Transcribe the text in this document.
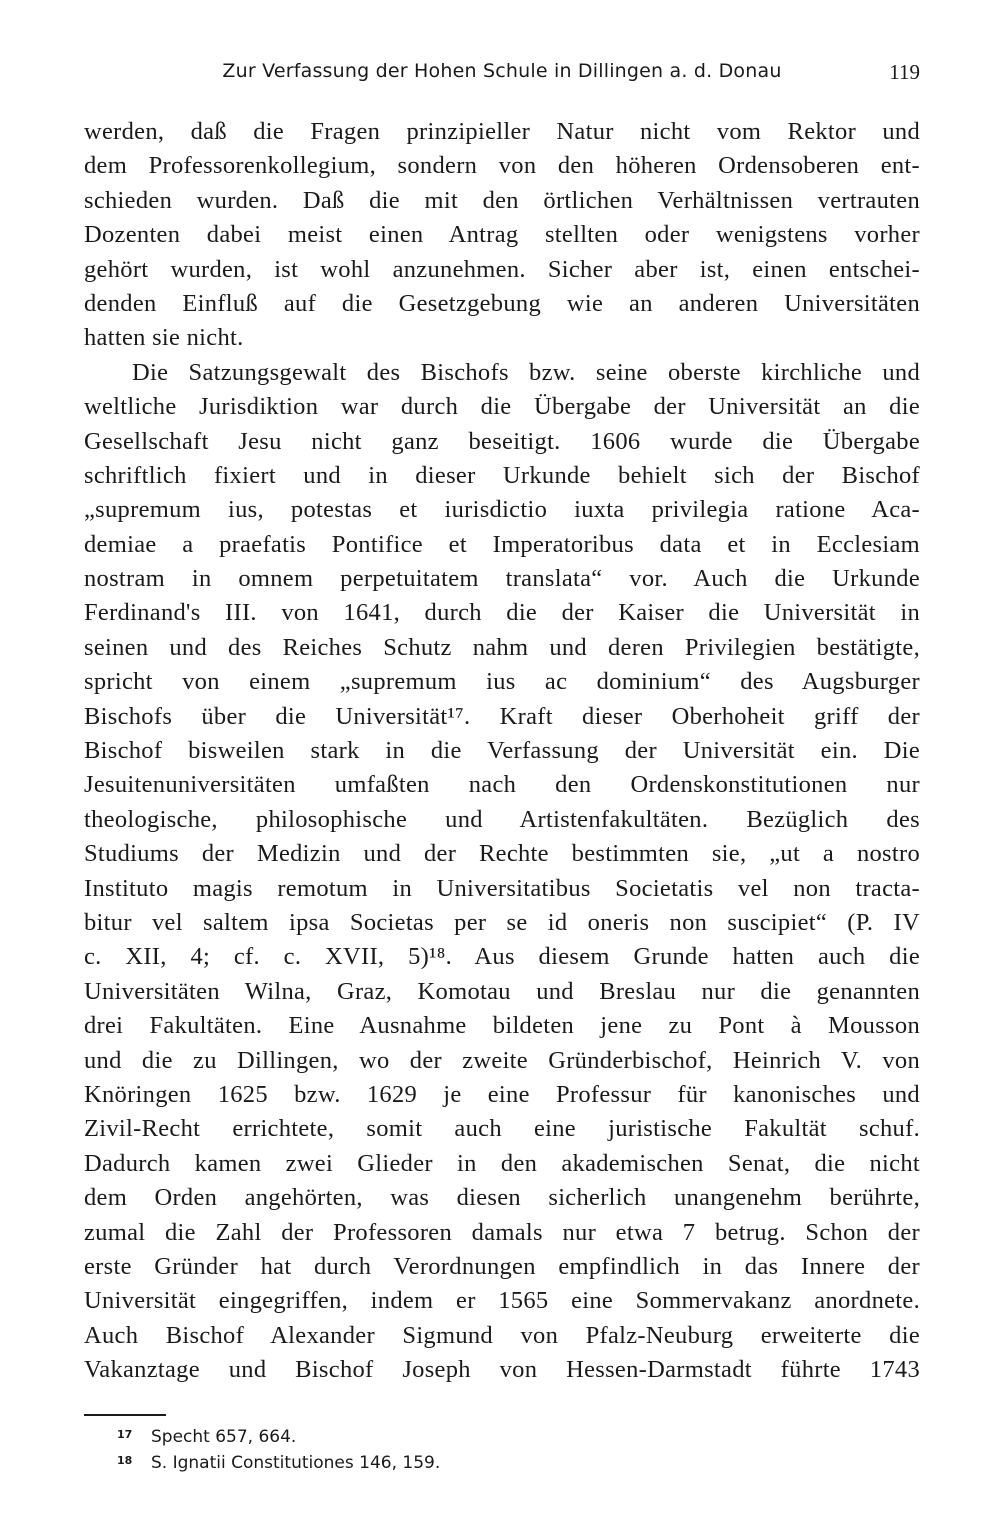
Zur Verfassung der Hohen Schule in Dillingen a. d. Donau	119
werden, daß die Fragen prinzipieller Natur nicht vom Rektor und
dem Professorenkollegium, sondern von den höheren Ordensoberen ent-
schieden wurden. Daß die mit den örtlichen Verhältnissen vertrauten
Dozenten dabei meist einen Antrag stellten oder wenigstens vorher
gehört wurden, ist wohl anzunehmen. Sicher aber ist, einen entschei-
denden Einfluß auf die Gesetzgebung wie an anderen Universitäten
hatten sie nicht.
Die Satzungsgewalt des Bischofs bzw. seine oberste kirchliche und
weltliche Jurisdiktion war durch die Übergabe der Universität an die
Gesellschaft Jesu nicht ganz beseitigt. 1606 wurde die Übergabe
schriftlich fixiert und in dieser Urkunde behielt sich der Bischof
„supremum ius, potestas et iurisdictio iuxta privilegia ratione Aca-
demiae a praefatis Pontifice et Imperatoribus data et in Ecclesiam
nostram in omnem perpetuitatem translata“ vor. Auch die Urkunde
Ferdinand's III. von 1641, durch die der Kaiser die Universität in
seinen und des Reiches Schutz nahm und deren Privilegien bestätigte,
spricht von einem „supremum ius ac dominium“ des Augsburger
Bischofs über die Universität¹⁷. Kraft dieser Oberhoheit griff der
Bischof bisweilen stark in die Verfassung der Universität ein. Die
Jesuitenuniversitäten umfaßten nach den Ordenskonstitutionen nur
theologische, philosophische und Artistenfakultäten. Bezüglich des
Studiums der Medizin und der Rechte bestimmten sie, „ut a nostro
Instituto magis remotum in Universitatibus Societatis vel non tracta-
bitur vel saltem ipsa Societas per se id oneris non suscipiet“ (P. IV
c. XII, 4; cf. c. XVII, 5)¹⁸. Aus diesem Grunde hatten auch die
Universitäten Wilna, Graz, Komotau und Breslau nur die genannten
drei Fakultäten. Eine Ausnahme bildeten jene zu Pont à Mousson
und die zu Dillingen, wo der zweite Gründerbischof, Heinrich V. von
Knöringen 1625 bzw. 1629 je eine Professur für kanonisches und
Zivil-Recht errichtete, somit auch eine juristische Fakultät schuf.
Dadurch kamen zwei Glieder in den akademischen Senat, die nicht
dem Orden angehörten, was diesen sicherlich unangenehm berührte,
zumal die Zahl der Professoren damals nur etwa 7 betrug. Schon der
erste Gründer hat durch Verordnungen empfindlich in das Innere der
Universität eingegriffen, indem er 1565 eine Sommervakanz anordnete.
Auch Bischof Alexander Sigmund von Pfalz-Neuburg erweiterte die
Vakanztage und Bischof Joseph von Hessen-Darmstadt führte 1743
17 Specht 657, 664.
18 S. Ignatii Constitutiones 146, 159.
